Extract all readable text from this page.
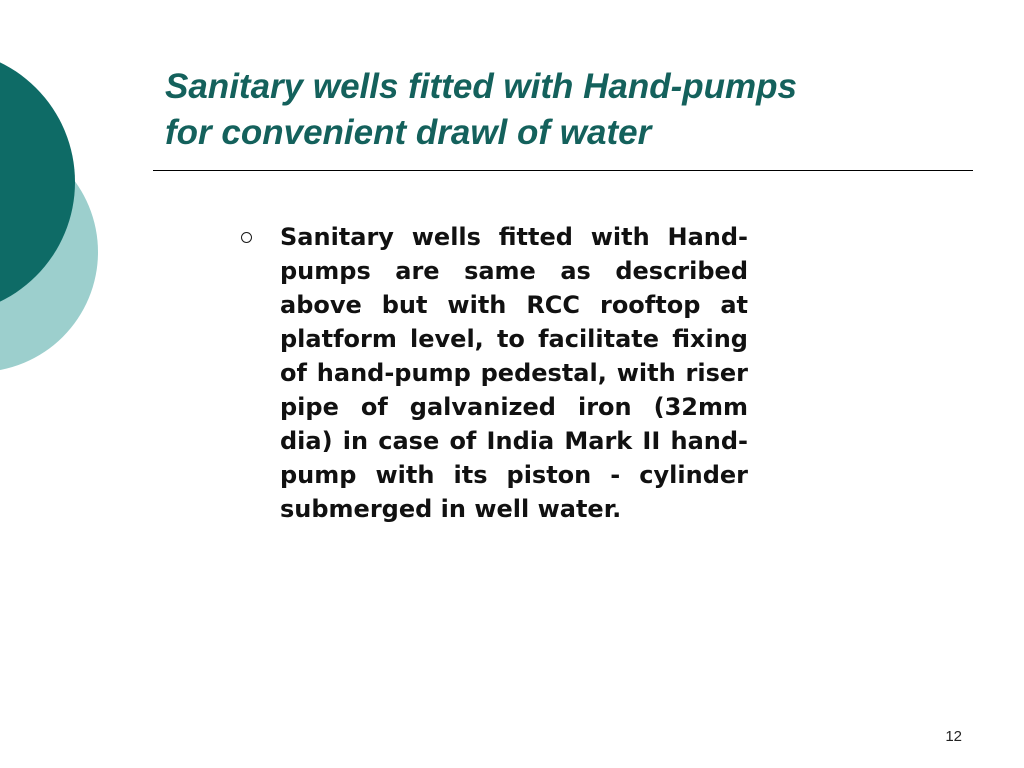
Sanitary wells fitted with Hand-pumps
for convenient drawl of water

Sanitary wells fitted with Hand-pumps are same as described above but with RCC rooftop at platform level, to facilitate fixing of hand-pump pedestal, with riser pipe of galvanized iron (32mm dia) in case of India Mark II hand-pump with its piston - cylinder submerged in well water.

12
